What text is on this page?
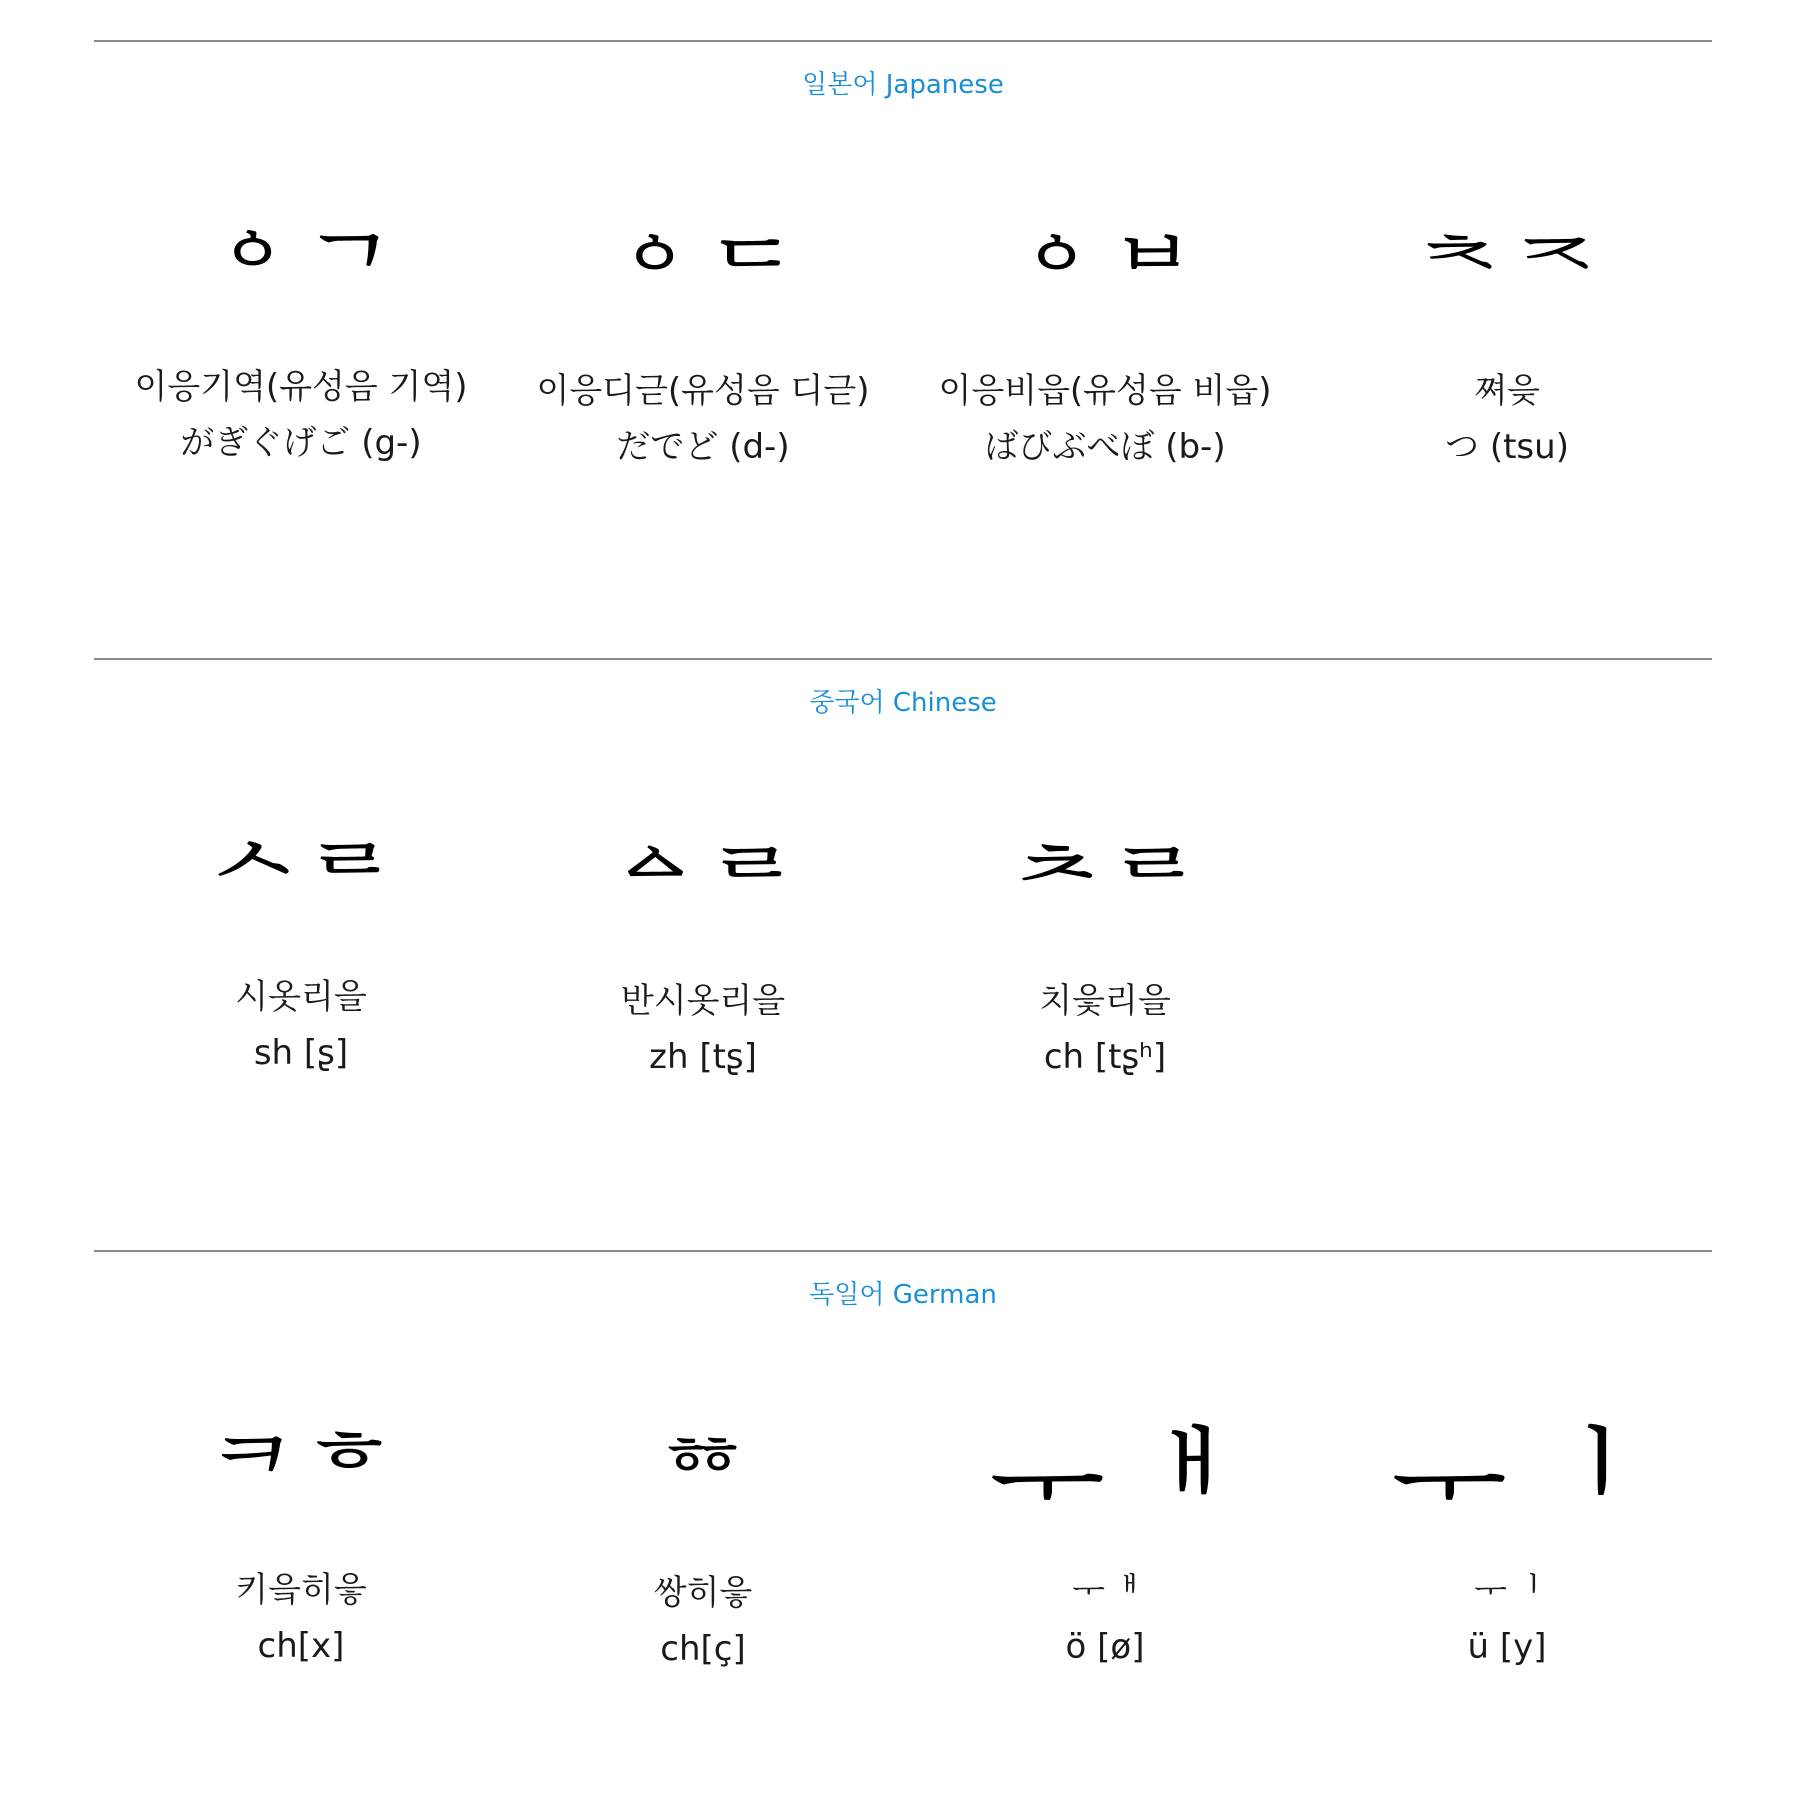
일본어 Japanese
ᅌᄀ
이응기역(유성음 기역)
がぎぐげご (g-)
ᅌᄃ
이응디귿(유성음 디귿)
だでど (d-)
ᅌᄇ
이응비읍(유성음 비읍)
ばびぶべぼ (b-)
ᅕᅐ
쪄읒
つ (tsu)
중국어 Chinese
ᄉᄅ
시옷리을
sh [ʂ]
ᅀᄅ
반시옷리을
zh [tʂ]
ᄎᄅ
치읓리을
ch [tʂʰ]
독일어 German
ᄏᄒ
키읔히읗
ch[x]
ᅘ
쌍히읗
ch[ç]
ᅮᅢ
ᅮᅢ
ö [ø]
ᅮᅵ
ᅮᅵ
ü [y]
